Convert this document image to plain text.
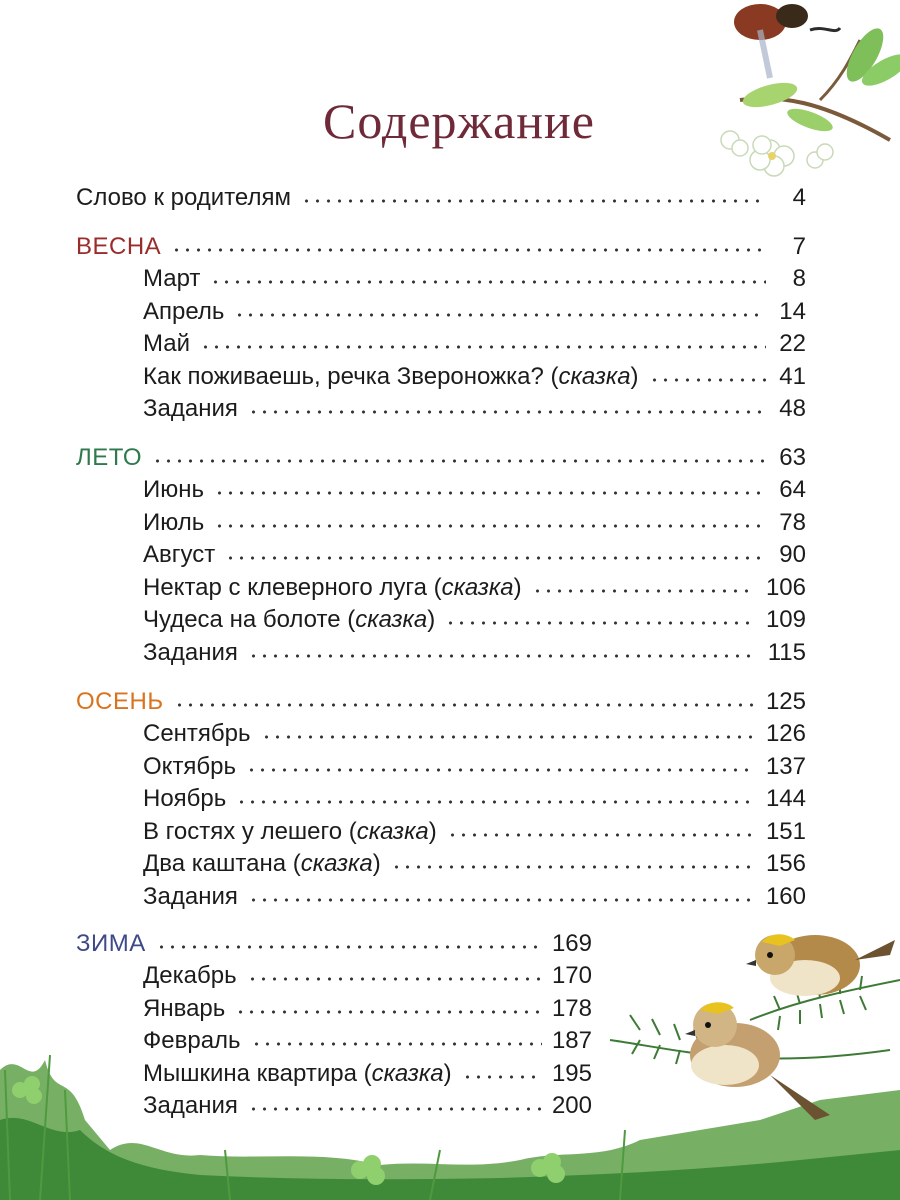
Содержание
Слово к родителям	4
ВЕСНА	7
Март	8
Апрель	14
Май	22
Как поживаешь, речка Звероножка? (сказка)	41
Задания	48
ЛЕТО	63
Июнь	64
Июль	78
Август	90
Нектар с клеверного луга (сказка)	106
Чудеса на болоте (сказка)	109
Задания	115
ОСЕНЬ	125
Сентябрь	126
Октябрь	137
Ноябрь	144
В гостях у лешего (сказка)	151
Два каштана (сказка)	156
Задания	160
ЗИМА	169
Декабрь	170
Январь	178
Февраль	187
Мышкина квартира (сказка)	195
Задания	200
